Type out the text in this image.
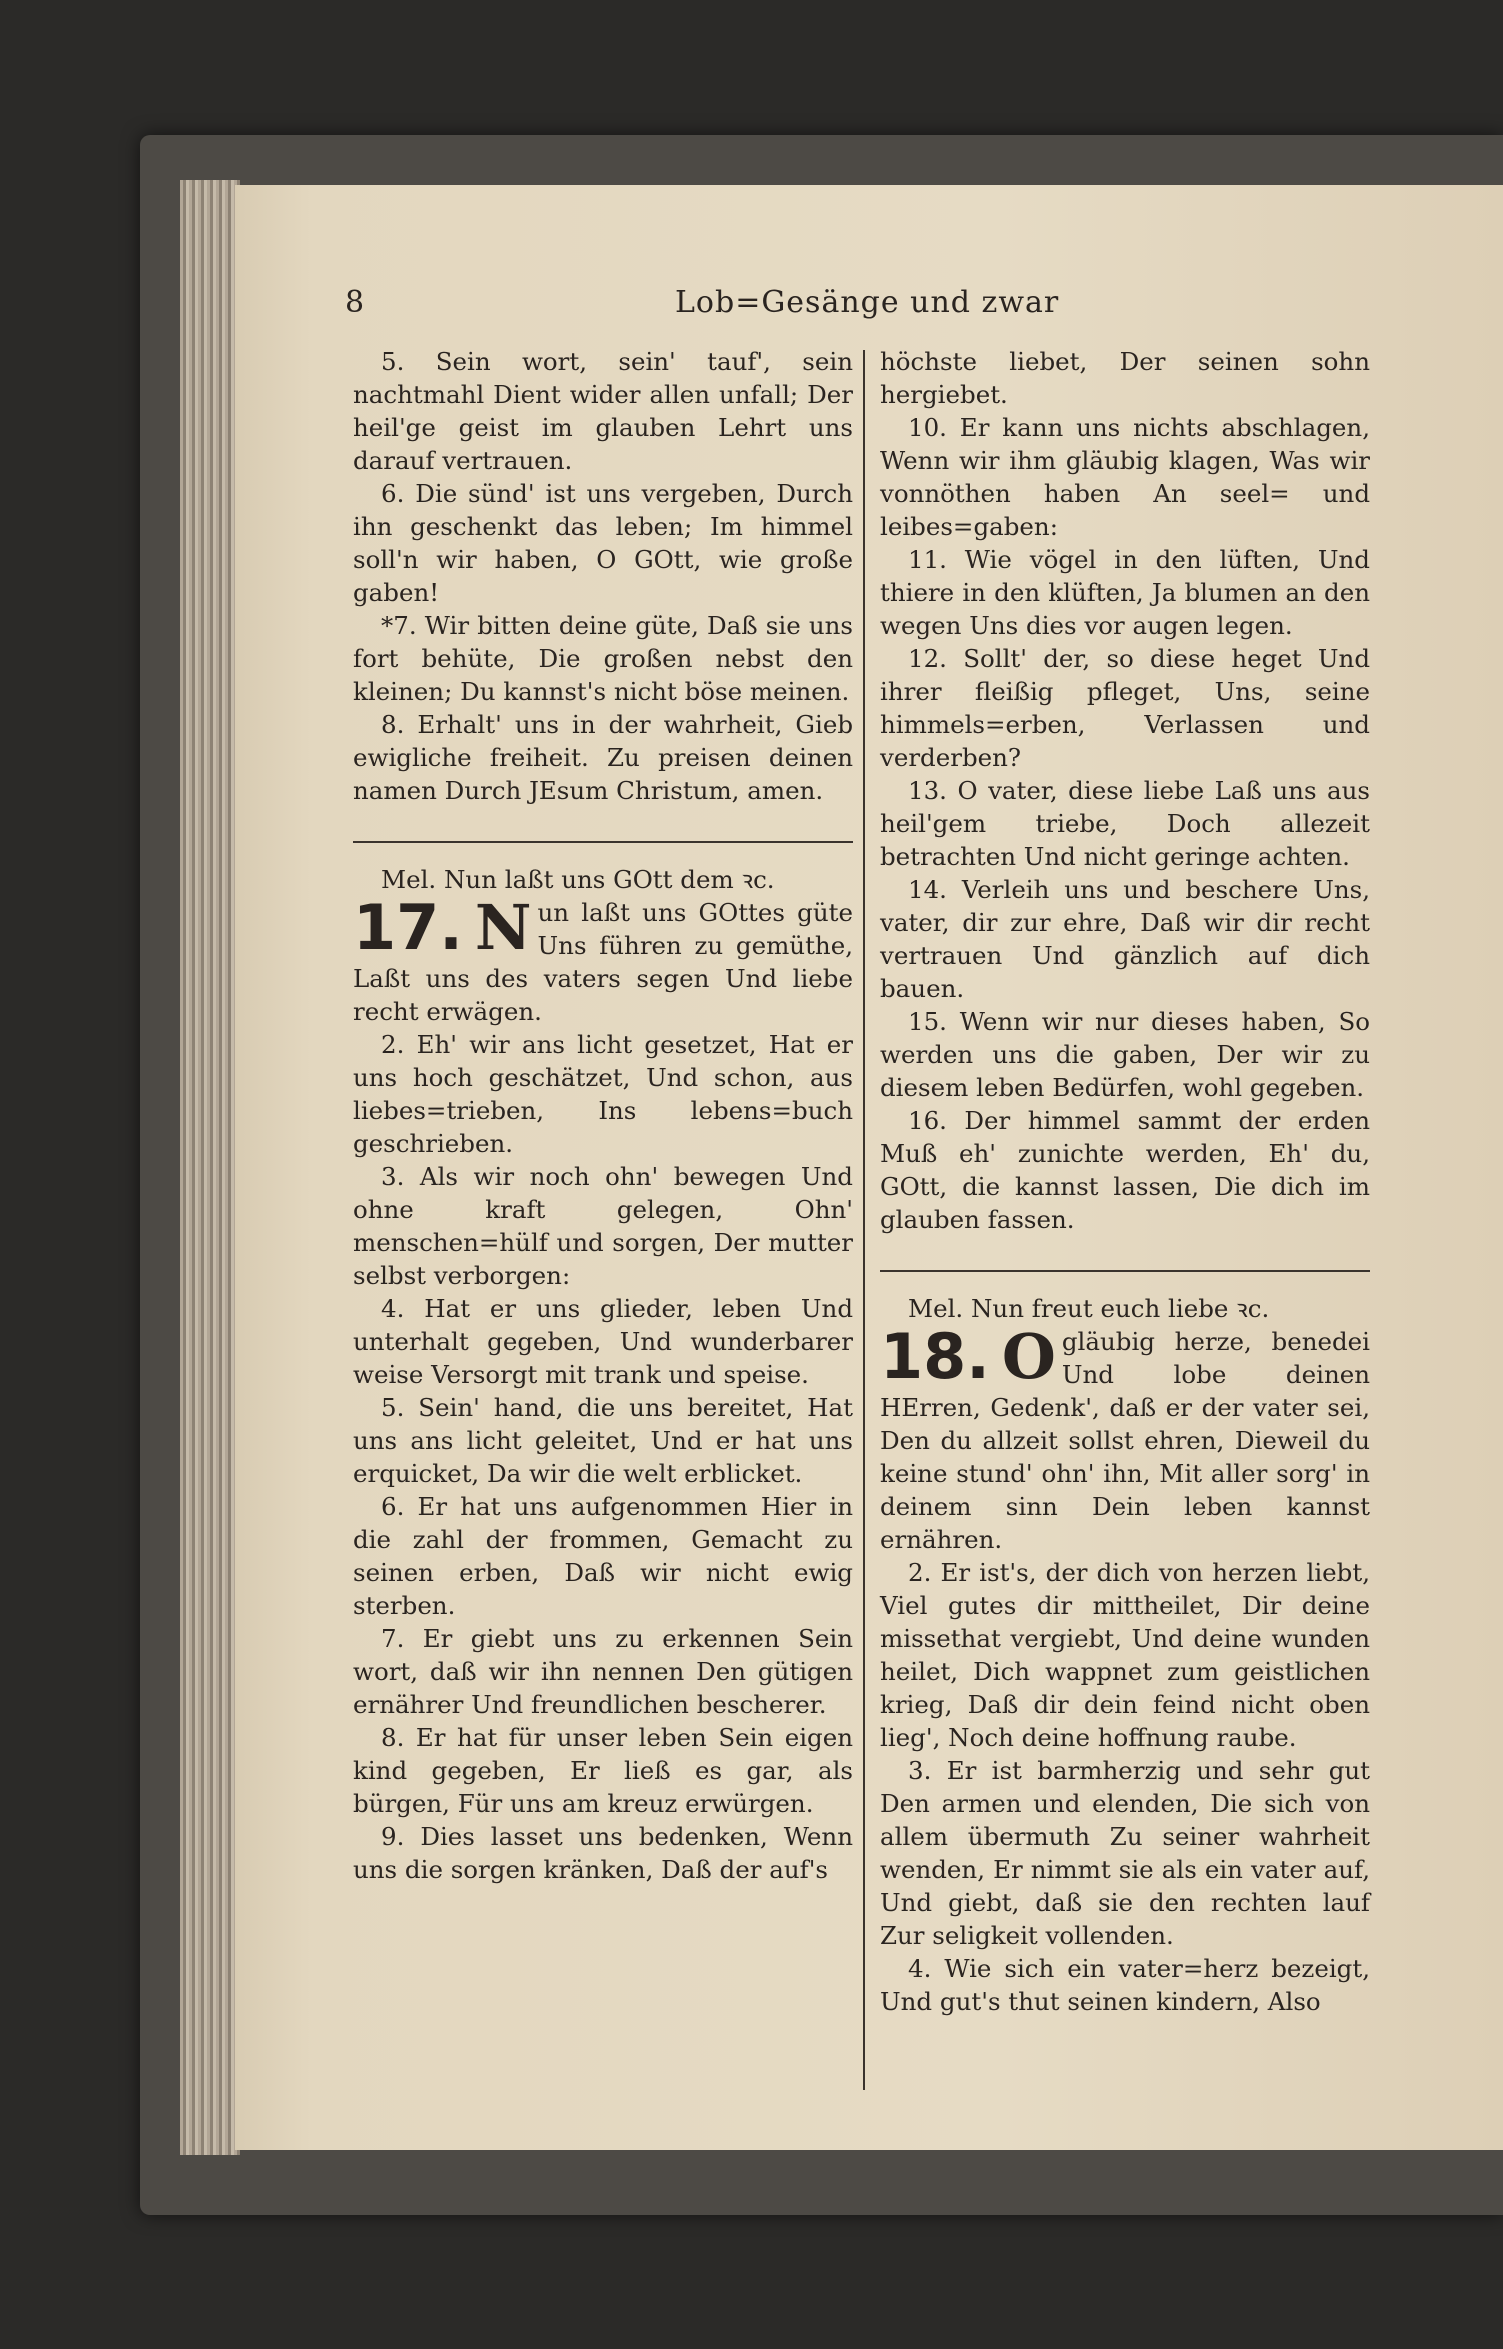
8	Lob=Gesänge und zwar

5. Sein wort, sein' tauf', sein nachtmahl Dient wider allen unfall; Der heil'ge geist im glauben Lehrt uns darauf vertrauen.

6. Die sünd' ist uns vergeben, Durch ihn geschenkt das leben; Im himmel soll'n wir haben, O GOtt, wie große gaben!

*7. Wir bitten deine güte, Daß sie uns fort behüte, Die großen nebst den kleinen; Du kannst's nicht böse meinen.

8. Erhalt' uns in der wahrheit, Gieb ewigliche freiheit. Zu preisen deinen namen Durch JEsum Christum, amen.

Mel. Nun laßt uns GOtt dem ꝛc.

17. N un laßt uns GOttes güte Uns führen zu gemüthe, Laßt uns des vaters segen Und liebe recht erwägen.

2. Eh' wir ans licht gesetzet, Hat er uns hoch geschätzet, Und schon, aus liebes=trieben, Ins lebens=buch geschrieben.

3. Als wir noch ohn' bewegen Und ohne kraft gelegen, Ohn' menschen=hülf und sorgen, Der mutter selbst verborgen:

4. Hat er uns glieder, leben Und unterhalt gegeben, Und wunderbarer weise Versorgt mit trank und speise.

5. Sein' hand, die uns bereitet, Hat uns ans licht geleitet, Und er hat uns erquicket, Da wir die welt erblicket.

6. Er hat uns aufgenommen Hier in die zahl der frommen, Gemacht zu seinen erben, Daß wir nicht ewig sterben.

7. Er giebt uns zu erkennen Sein wort, daß wir ihn nennen Den gütigen ernährer Und freundlichen bescherer.

8. Er hat für unser leben Sein eigen kind gegeben, Er ließ es gar, als bürgen, Für uns am kreuz erwürgen.

9. Dies lasset uns bedenken, Wenn uns die sorgen kränken, Daß der auf's

höchste liebet, Der seinen sohn hergiebet.

10. Er kann uns nichts abschlagen, Wenn wir ihm gläubig klagen, Was wir vonnöthen haben An seel= und leibes=gaben:

11. Wie vögel in den lüften, Und thiere in den klüften, Ja blumen an den wegen Uns dies vor augen legen.

12. Sollt' der, so diese heget Und ihrer fleißig pfleget, Uns, seine himmels=erben, Verlassen und verderben?

13. O vater, diese liebe Laß uns aus heil'gem triebe, Doch allezeit betrachten Und nicht geringe achten.

14. Verleih uns und beschere Uns, vater, dir zur ehre, Daß wir dir recht vertrauen Und gänzlich auf dich bauen.

15. Wenn wir nur dieses haben, So werden uns die gaben, Der wir zu diesem leben Bedürfen, wohl gegeben.

16. Der himmel sammt der erden Muß eh' zunichte werden, Eh' du, GOtt, die kannst lassen, Die dich im glauben fassen.

Mel. Nun freut euch liebe ꝛc.

18. O gläubig herze, benedei Und lobe deinen HErren, Gedenk', daß er der vater sei, Den du allzeit sollst ehren, Dieweil du keine stund' ohn' ihn, Mit aller sorg' in deinem sinn Dein leben kannst ernähren.

2. Er ist's, der dich von herzen liebt, Viel gutes dir mittheilet, Dir deine missethat vergiebt, Und deine wunden heilet, Dich wappnet zum geistlichen krieg, Daß dir dein feind nicht oben lieg', Noch deine hoffnung raube.

3. Er ist barmherzig und sehr gut Den armen und elenden, Die sich von allem übermuth Zu seiner wahrheit wenden, Er nimmt sie als ein vater auf, Und giebt, daß sie den rechten lauf Zur seligkeit vollenden.

4. Wie sich ein vater=herz bezeigt, Und gut's thut seinen kindern, Also
